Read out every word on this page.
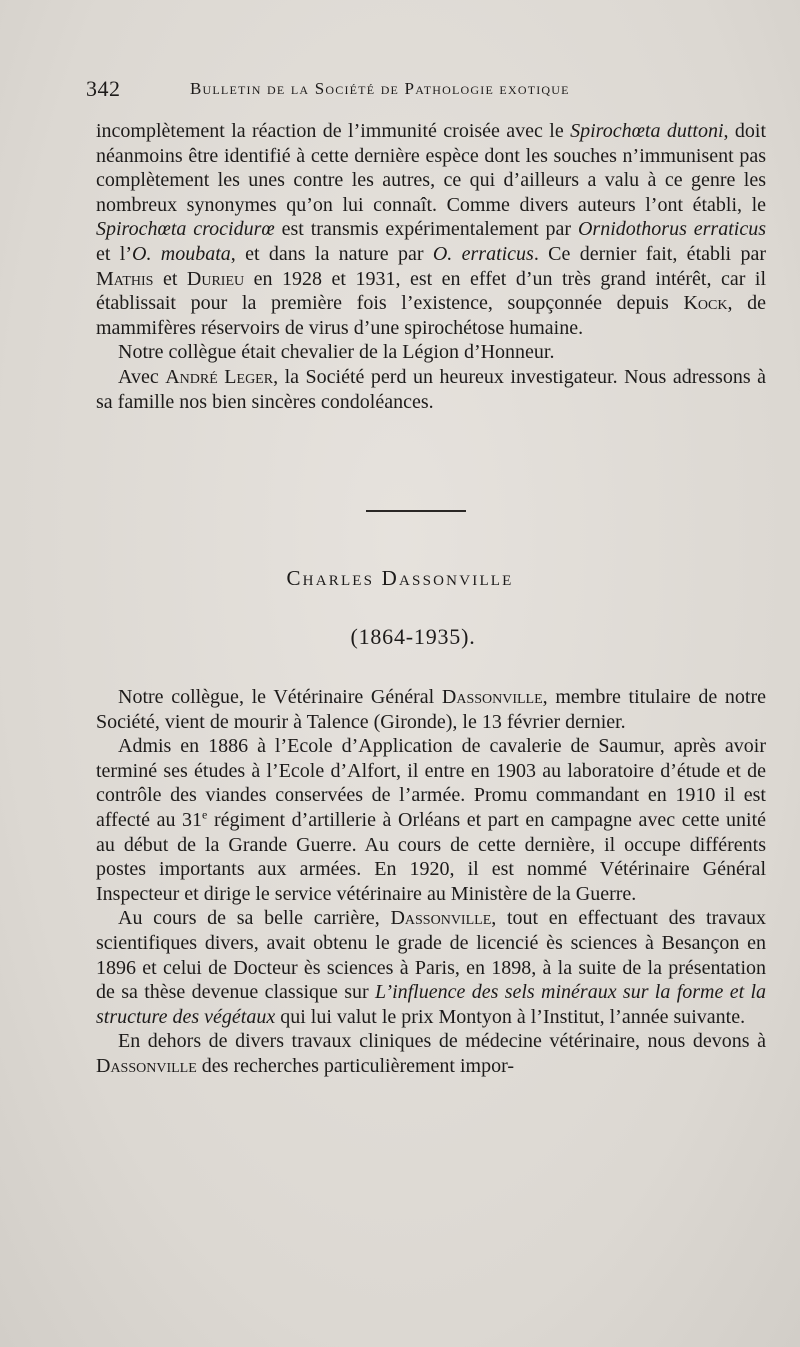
342	Bulletin de la Société de Pathologie exotique

incomplètement la réaction de l’immunité croisée avec le Spirochœta duttoni, doit néanmoins être identifié à cette dernière espèce dont les souches n’immunisent pas complètement les unes contre les autres, ce qui d’ailleurs a valu à ce genre les nombreux synonymes qu’on lui connaît. Comme divers auteurs l’ont établi, le Spirochœta crocidurœ est transmis expérimentalement par Ornidothorus erraticus et l’O. moubata, et dans la nature par O. erraticus. Ce dernier fait, établi par Mathis et Durieu en 1928 et 1931, est en effet d’un très grand intérêt, car il établissait pour la première fois l’existence, soupçonnée depuis Kock, de mammifères réservoirs de virus d’une spirochétose humaine.

Notre collègue était chevalier de la Légion d’Honneur.

Avec André Leger, la Société perd un heureux investigateur. Nous adressons à sa famille nos bien sincères condoléances.

Charles Dassonville
(1864-1935).

Notre collègue, le Vétérinaire Général Dassonville, membre titulaire de notre Société, vient de mourir à Talence (Gironde), le 13 février dernier.

Admis en 1886 à l’Ecole d’Application de cavalerie de Saumur, après avoir terminé ses études à l’Ecole d’Alfort, il entre en 1903 au laboratoire d’étude et de contrôle des viandes conservées de l’armée. Promu commandant en 1910 il est affecté au 31e régiment d’artillerie à Orléans et part en campagne avec cette unité au début de la Grande Guerre. Au cours de cette dernière, il occupe différents postes importants aux armées. En 1920, il est nommé Vétérinaire Général Inspecteur et dirige le service vétérinaire au Ministère de la Guerre.

Au cours de sa belle carrière, Dassonville, tout en effectuant des travaux scientifiques divers, avait obtenu le grade de licencié ès sciences à Besançon en 1896 et celui de Docteur ès sciences à Paris, en 1898, à la suite de la présentation de sa thèse devenue classique sur L’influence des sels minéraux sur la forme et la structure des végétaux qui lui valut le prix Montyon à l’Institut, l’année suivante.

En dehors de divers travaux cliniques de médecine vétérinaire, nous devons à Dassonville des recherches particulièrement impor-
